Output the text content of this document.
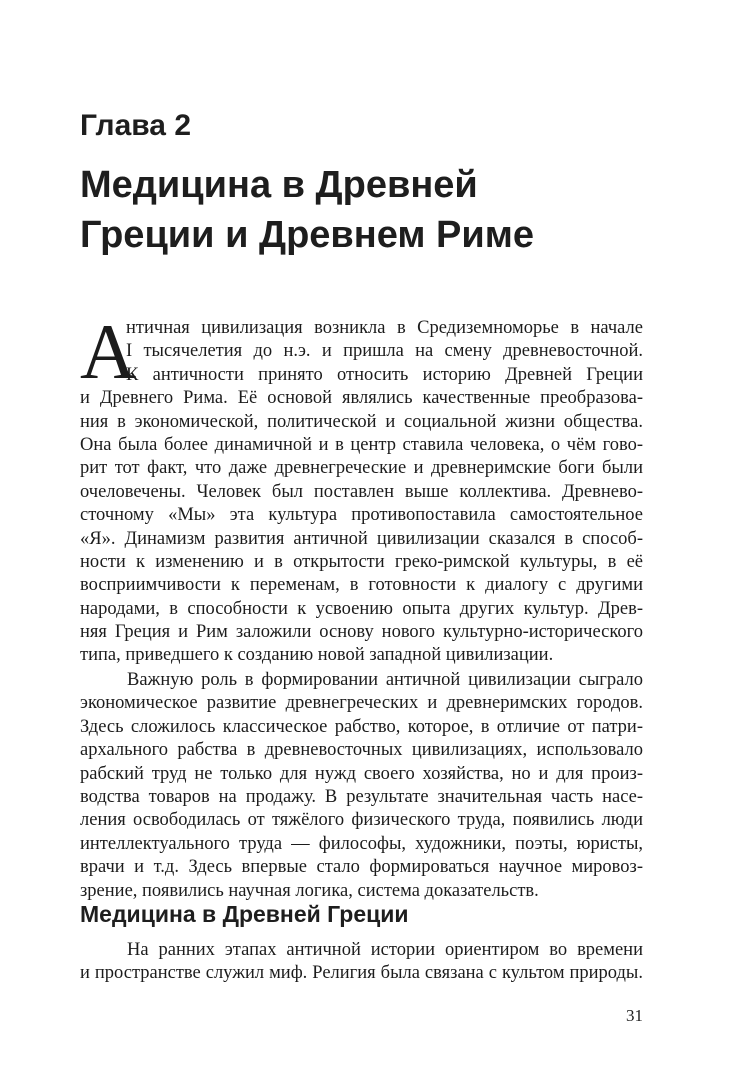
Глава 2
Медицина в Древней
Греции и Древнем Риме
А
нтичная цивилизация возникла в Средиземноморье в начале
I тысячелетия до н.э. и пришла на смену древневосточной.
К античности принято относить историю Древней Греции
и Древнего Рима. Её основой являлись качественные преобразова-
ния в экономической, политической и социальной жизни общества.
Она была более динамичной и в центр ставила человека, о чём гово-
рит тот факт, что даже древнегреческие и древнеримские боги были
очеловечены. Человек был поставлен выше коллектива. Древнево-
сточному «Мы» эта культура противопоставила самостоятельное
«Я». Динамизм развития античной цивилизации сказался в способ-
ности к изменению и в открытости греко-римской культуры, в её
восприимчивости к переменам, в готовности к диалогу с другими
народами, в способности к усвоению опыта других культур. Древ-
няя Греция и Рим заложили основу нового культурно-исторического
типа, приведшего к созданию новой западной цивилизации.
Важную роль в формировании античной цивилизации сыграло
экономическое развитие древнегреческих и древнеримских городов.
Здесь сложилось классическое рабство, которое, в отличие от патри-
архального рабства в древневосточных цивилизациях, использовало
рабский труд не только для нужд своего хозяйства, но и для произ-
водства товаров на продажу. В результате значительная часть насе-
ления освободилась от тяжёлого физического труда, появились люди
интеллектуального труда — философы, художники, поэты, юристы,
врачи и т.д. Здесь впервые стало формироваться научное мировоз-
зрение, появились научная логика, система доказательств.
Медицина в Древней Греции
На ранних этапах античной истории ориентиром во времени
и пространстве служил миф. Религия была связана с культом природы.
31
